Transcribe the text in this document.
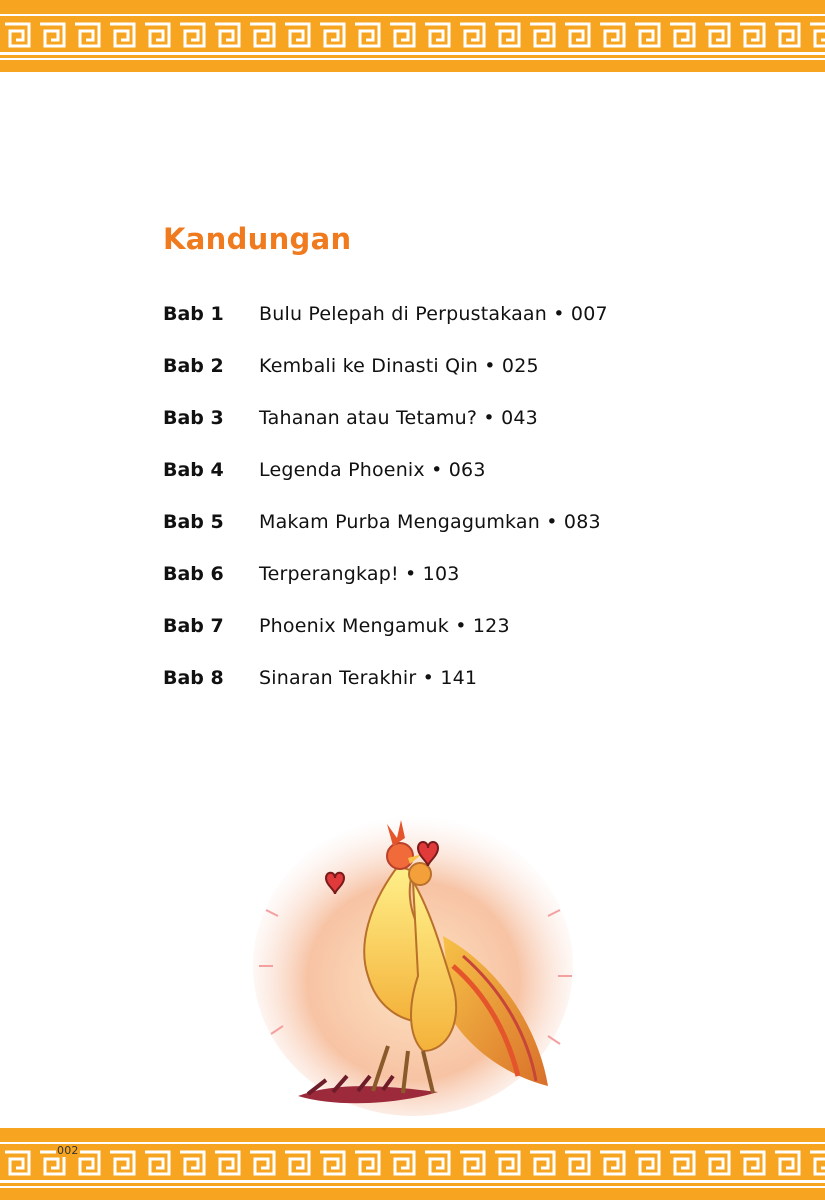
Kandungan
Bab 1	Bulu Pelepah di Perpustakaan • 007
Bab 2	Kembali ke Dinasti Qin • 025
Bab 3	Tahanan atau Tetamu? • 043
Bab 4	Legenda Phoenix • 063
Bab 5	Makam Purba Mengagumkan • 083
Bab 6	Terperangkap! • 103
Bab 7	Phoenix Mengamuk • 123
Bab 8	Sinaran Terakhir • 141
002
